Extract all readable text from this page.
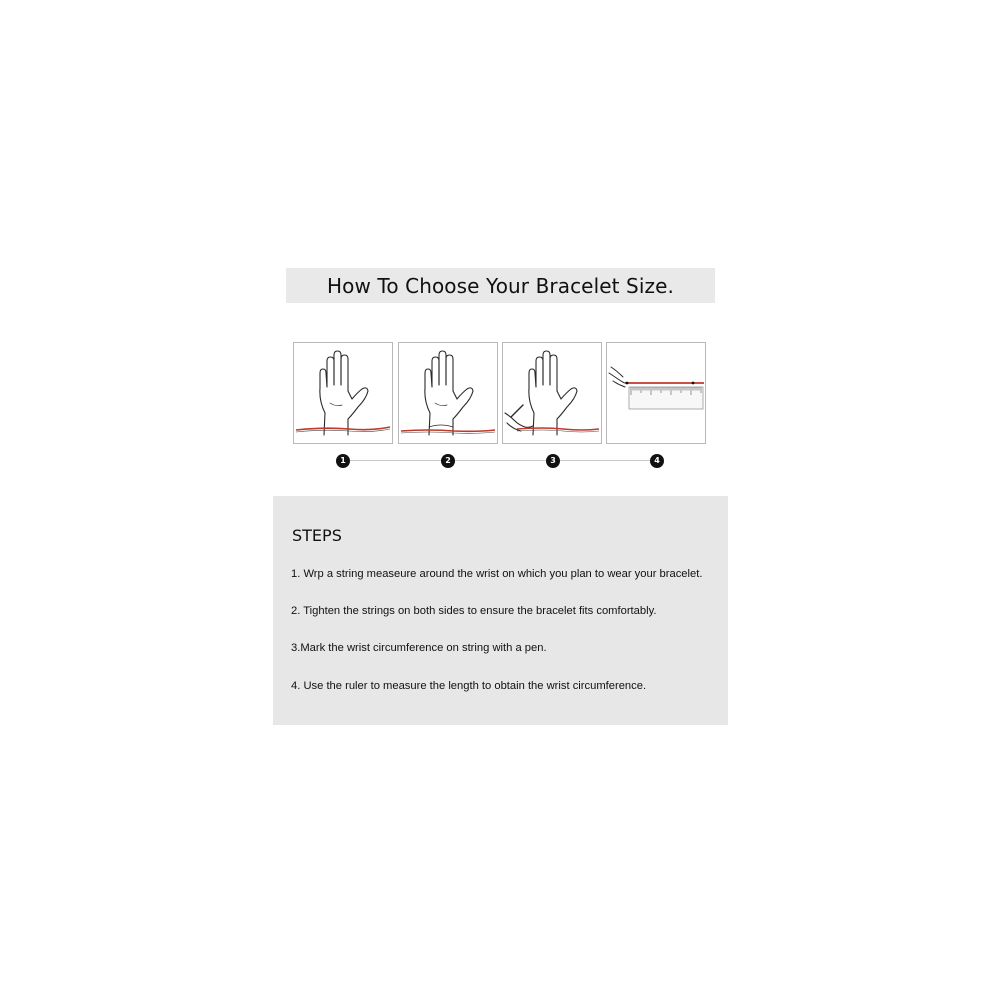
How To Choose Your Bracelet Size.
1	2	3	4
STEPS
1. Wrp a string measeure around the wrist on which you plan to wear your bracelet.
2. Tighten the strings on both sides to ensure the bracelet fits comfortably.
3.Mark the wrist circumference on string with a pen.
4. Use the ruler to measure the length to obtain the wrist circumference.
